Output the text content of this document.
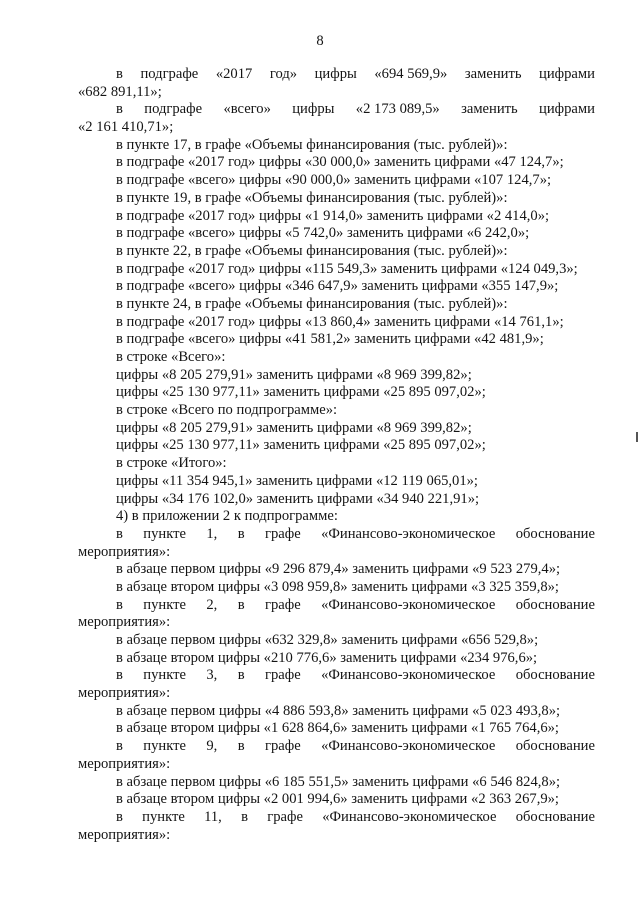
8
в подграфе «2017 год» цифры «694 569,9» заменить цифрами
«682 891,11»;
в подграфе «всего» цифры «2 173 089,5» заменить цифрами
«2 161 410,71»;
в пункте 17, в графе «Объемы финансирования (тыс. рублей)»:
в подграфе «2017 год» цифры «30 000,0» заменить цифрами «47 124,7»;
в подграфе «всего» цифры «90 000,0» заменить цифрами «107 124,7»;
в пункте 19, в графе «Объемы финансирования (тыс. рублей)»:
в подграфе «2017 год» цифры «1 914,0» заменить цифрами «2 414,0»;
в подграфе «всего» цифры «5 742,0» заменить цифрами «6 242,0»;
в пункте 22, в графе «Объемы финансирования (тыс. рублей)»:
в подграфе «2017 год» цифры «115 549,3» заменить цифрами «124 049,3»;
в подграфе «всего» цифры «346 647,9» заменить цифрами «355 147,9»;
в пункте 24, в графе «Объемы финансирования (тыс. рублей)»:
в подграфе «2017 год» цифры «13 860,4» заменить цифрами «14 761,1»;
в подграфе «всего» цифры «41 581,2» заменить цифрами «42 481,9»;
в строке «Всего»:
цифры «8 205 279,91» заменить цифрами «8 969 399,82»;
цифры «25 130 977,11» заменить цифрами «25 895 097,02»;
в строке «Всего по подпрограмме»:
цифры «8 205 279,91» заменить цифрами «8 969 399,82»;
цифры «25 130 977,11» заменить цифрами «25 895 097,02»;
в строке «Итого»:
цифры «11 354 945,1» заменить цифрами «12 119 065,01»;
цифры «34 176 102,0» заменить цифрами «34 940 221,91»;
4) в приложении 2 к подпрограмме:
в пункте 1, в графе «Финансово-экономическое обоснование
мероприятия»:
в абзаце первом цифры «9 296 879,4» заменить цифрами «9 523 279,4»;
в абзаце втором цифры «3 098 959,8» заменить цифрами «3 325 359,8»;
в пункте 2, в графе «Финансово-экономическое обоснование
мероприятия»:
в абзаце первом цифры «632 329,8» заменить цифрами «656 529,8»;
в абзаце втором цифры «210 776,6» заменить цифрами «234 976,6»;
в пункте 3, в графе «Финансово-экономическое обоснование
мероприятия»:
в абзаце первом цифры «4 886 593,8» заменить цифрами «5 023 493,8»;
в абзаце втором цифры «1 628 864,6» заменить цифрами «1 765 764,6»;
в пункте 9, в графе «Финансово-экономическое обоснование
мероприятия»:
в абзаце первом цифры «6 185 551,5» заменить цифрами «6 546 824,8»;
в абзаце втором цифры «2 001 994,6» заменить цифрами «2 363 267,9»;
в пункте 11, в графе «Финансово-экономическое обоснование
мероприятия»:
